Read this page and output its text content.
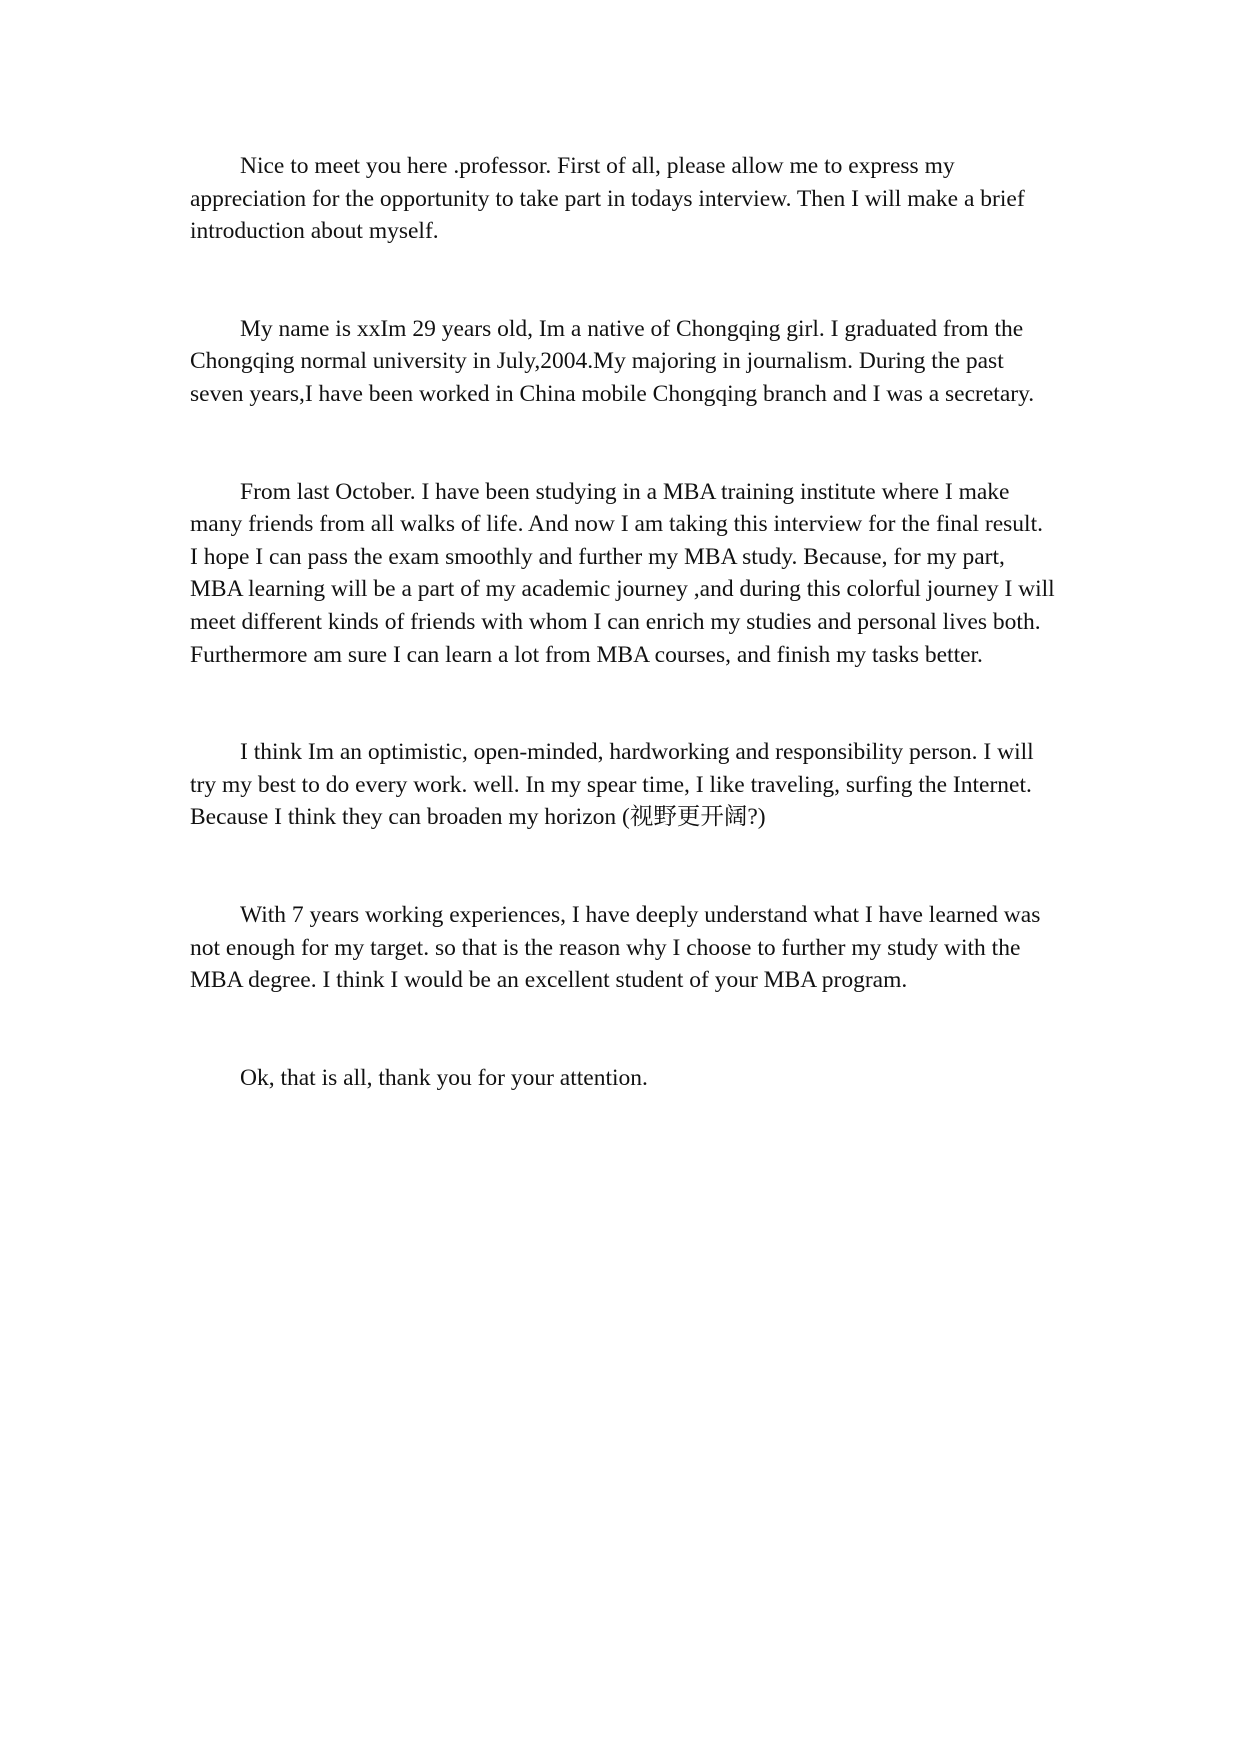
Nice to meet you here .professor. First of all, please allow me to express my appreciation for the opportunity to take part in todays interview. Then I will make a brief introduction about myself.

My name is xxIm 29 years old, Im a native of Chongqing girl. I graduated from the Chongqing normal university in July,2004.My majoring in journalism. During the past seven years,I have been worked in China mobile Chongqing branch and I was a secretary.

From last October. I have been studying in a MBA training institute where I make many friends from all walks of life. And now I am taking this interview for the final result. I hope I can pass the exam smoothly and further my MBA study. Because, for my part, MBA learning will be a part of my academic journey ,and during this colorful journey I will meet different kinds of friends with whom I can enrich my studies and personal lives both. Furthermore am sure I can learn a lot from MBA courses, and finish my tasks better.

I think Im an optimistic, open-minded, hardworking and responsibility person. I will try my best to do every work. well. In my spear time, I like traveling, surfing the Internet. Because I think they can broaden my horizon (视野更开阔?)

With 7 years working experiences, I have deeply understand what I have learned was not enough for my target. so that is the reason why I choose to further my study with the MBA degree. I think I would be an excellent student of your MBA program.

Ok, that is all, thank you for your attention.
